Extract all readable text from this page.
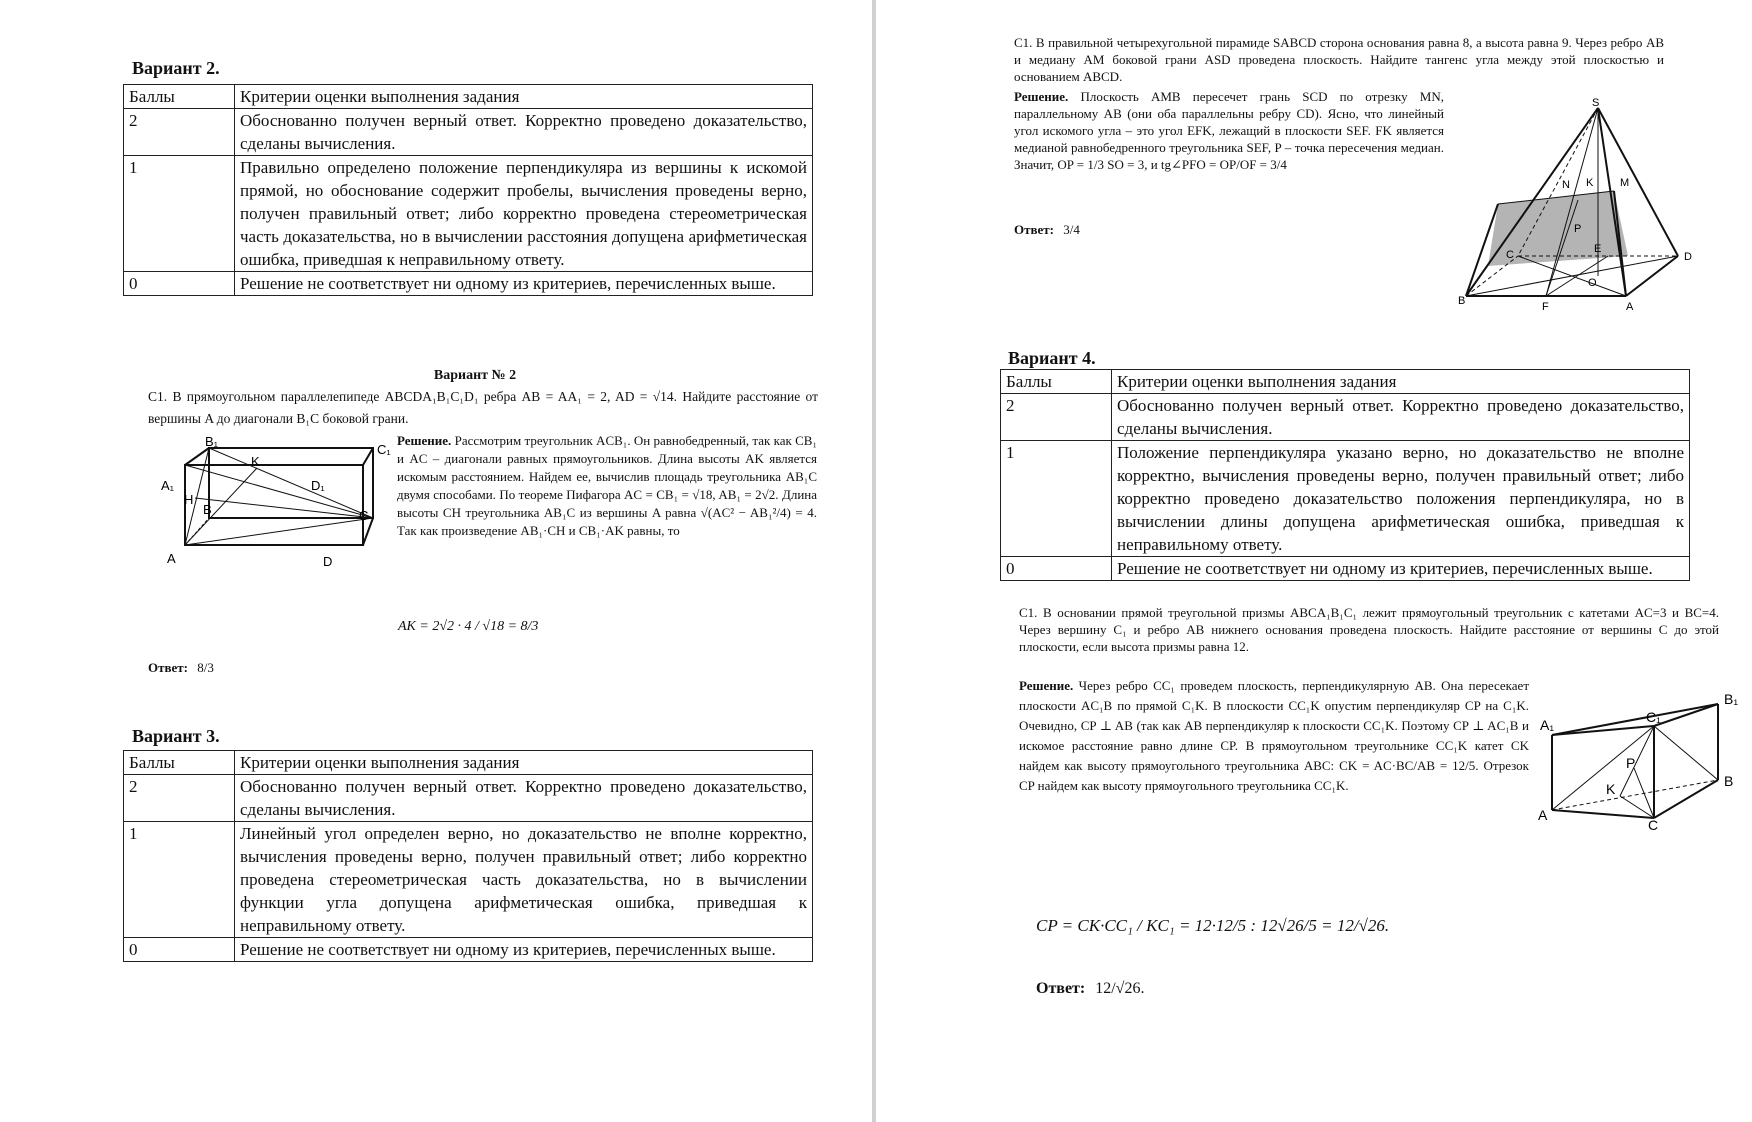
Вариант 2.
Баллы	Критерии оценки выполнения задания
2	Обоснованно получен верный ответ. Корректно проведено доказательство, сделаны вычисления.
1	Правильно определено положение перпендикуляра из вершины к искомой прямой, но обоснование содержит пробелы, вычисления проведены верно, получен правильный ответ; либо корректно проведена стереометрическая часть доказательства, но в вычислении расстояния допущена арифметическая ошибка, приведшая к неправильному ответу.
0	Решение не соответствует ни одному из критериев, перечисленных выше.
Вариант № 2
С1. В прямоугольном параллелепипеде ABCDA₁B₁C₁D₁ ребра AB = AA₁ = 2, AD = √14. Найдите расстояние от вершины A до диагонали B₁C боковой грани.
B₁
C₁
K
A₁	D₁
H
B	C
A	D
Решение. Рассмотрим треугольник ACB₁. Он равнобедренный, так как CB₁ и AC – диагонали равных прямоугольников. Длина высоты AK является искомым расстоянием. Найдем ее, вычислив площадь треугольника AB₁C двумя способами. По теореме Пифагора AC = CB₁ = √18, AB₁ = 2√2. Длина высоты CH треугольника AB₁C из вершины A равна √(AC² − AB₁²/4) = 4. Так как произведение AB₁·CH и CB₁·AK равны, то
AK = 2√2 · 4 / √18 = 8/3
Ответ: 8/3
Вариант 3.
Баллы	Критерии оценки выполнения задания
2	Обоснованно получен верный ответ. Корректно проведено доказательство, сделаны вычисления.
1	Линейный угол определен верно, но доказательство не вполне корректно, вычисления проведены верно, получен правильный ответ; либо корректно проведена стереометрическая часть доказательства, но в вычислении функции угла допущена арифметическая ошибка, приведшая к неправильному ответу.
0	Решение не соответствует ни одному из критериев, перечисленных выше.
С1. В правильной четырехугольной пирамиде SABCD сторона основания равна 8, а высота равна 9. Через ребро AB и медиану AM боковой грани ASD проведена плоскость. Найдите тангенс угла между этой плоскостью и основанием ABCD.
Решение. Плоскость AMB пересечет грань SCD по отрезку MN, параллельному AB (они оба параллельны ребру CD). Ясно, что линейный угол искомого угла – это угол EFK, лежащий в плоскости SEF. FK является медианой равнобедренного треугольника SEF, P – точка пересечения медиан. Значит, OP = 1/3 SO = 3, и tg∠PFO = OP/OF = 3/4
Ответ: 3/4
S
N K M
C
P
E
D
O
B	F	A
Вариант 4.
Баллы	Критерии оценки выполнения задания
2	Обоснованно получен верный ответ. Корректно проведено доказательство, сделаны вычисления.
1	Положение перпендикуляра указано верно, но доказательство не вполне корректно, вычисления проведены верно, получен правильный ответ; либо корректно проведено доказательство положения перпендикуляра, но в вычислении длины допущена арифметическая ошибка, приведшая к неправильному ответу.
0	Решение не соответствует ни одному из критериев, перечисленных выше.
С1. В основании прямой треугольной призмы ABCA₁B₁C₁ лежит прямоугольный треугольник с катетами AC=3 и BC=4. Через вершину C₁ и ребро AB нижнего основания проведена плоскость. Найдите расстояние от вершины C до этой плоскости, если высота призмы равна 12.
Решение. Через ребро CC₁ проведем плоскость, перпендикулярную AB. Она пересекает плоскости AC₁B по прямой C₁K. В плоскости CC₁K опустим перпендикуляр CP на C₁K. Очевидно, CP ⊥ AB (так как AB перпендикуляр к плоскости CC₁K. Поэтому CP ⊥ AC₁B и искомое расстояние равно длине CP. В прямоугольном треугольнике CC₁K катет CK найдем как высоту прямоугольного треугольника ABC: CK = AC·BC/AB = 12/5. Отрезок CP найдем как высоту прямоугольного треугольника CC₁K.
B₁
A₁	C₁
P
B
K
A
C
CP = CK·CC₁ / KC₁ = 12·12/5 : 12√26/5 = 12/√26.
Ответ: 12/√26.
